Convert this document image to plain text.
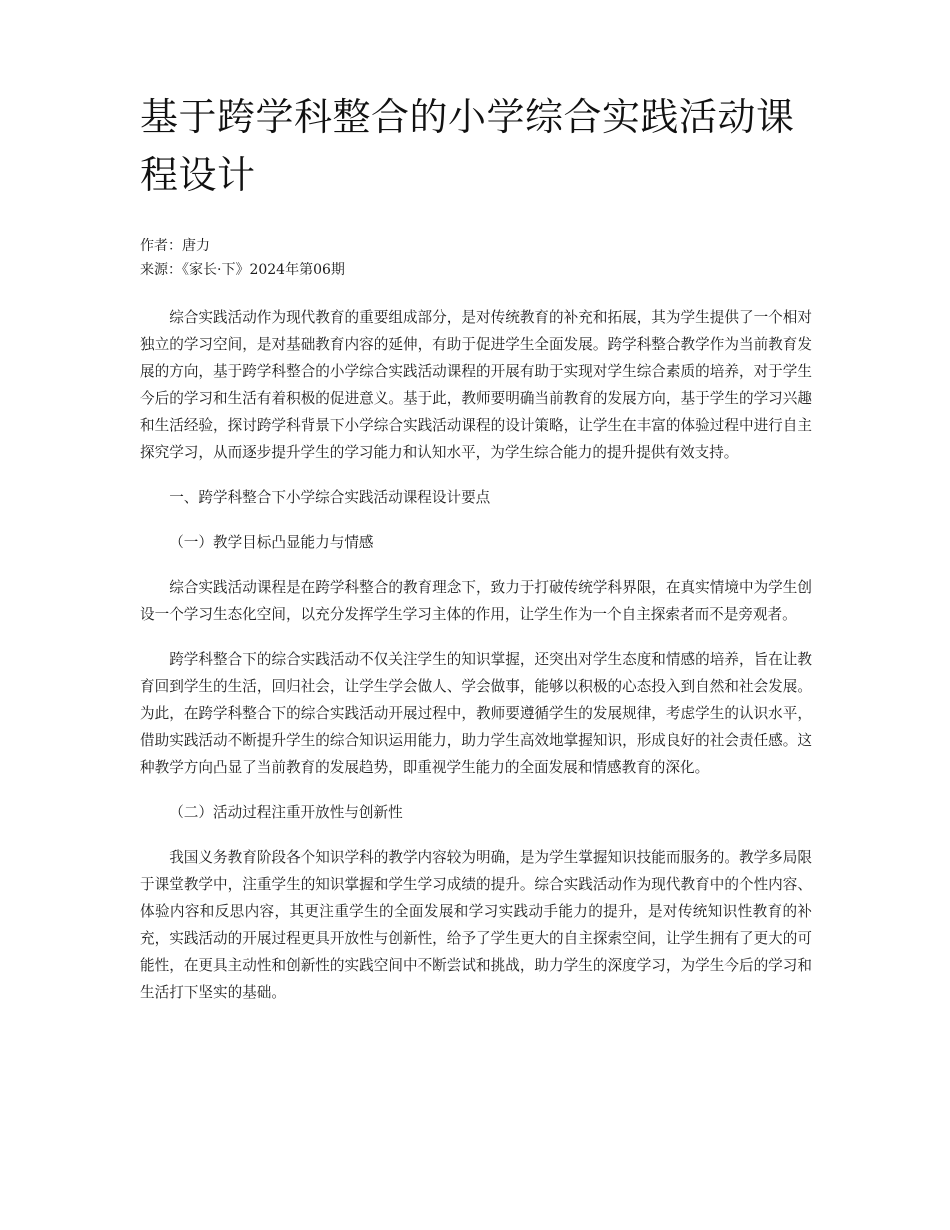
基于跨学科整合的小学综合实践活动课程设计

作者：唐力

来源：《家长·下》2024年第06期

综合实践活动作为现代教育的重要组成部分，是对传统教育的补充和拓展，其为学生提供了一个相对独立的学习空间，是对基础教育内容的延伸，有助于促进学生全面发展。跨学科整合教学作为当前教育发展的方向，基于跨学科整合的小学综合实践活动课程的开展有助于实现对学生综合素质的培养，对于学生今后的学习和生活有着积极的促进意义。基于此，教师要明确当前教育的发展方向，基于学生的学习兴趣和生活经验，探讨跨学科背景下小学综合实践活动课程的设计策略，让学生在丰富的体验过程中进行自主探究学习，从而逐步提升学生的学习能力和认知水平，为学生综合能力的提升提供有效支持。

一、跨学科整合下小学综合实践活动课程设计要点

（一）教学目标凸显能力与情感

综合实践活动课程是在跨学科整合的教育理念下，致力于打破传统学科界限，在真实情境中为学生创设一个学习生态化空间，以充分发挥学生学习主体的作用，让学生作为一个自主探索者而不是旁观者。

跨学科整合下的综合实践活动不仅关注学生的知识掌握，还突出对学生态度和情感的培养，旨在让教育回到学生的生活，回归社会，让学生学会做人、学会做事，能够以积极的心态投入到自然和社会发展。为此，在跨学科整合下的综合实践活动开展过程中，教师要遵循学生的发展规律，考虑学生的认识水平，借助实践活动不断提升学生的综合知识运用能力，助力学生高效地掌握知识，形成良好的社会责任感。这种教学方向凸显了当前教育的发展趋势，即重视学生能力的全面发展和情感教育的深化。

（二）活动过程注重开放性与创新性

我国义务教育阶段各个知识学科的教学内容较为明确，是为学生掌握知识技能而服务的。教学多局限于课堂教学中，注重学生的知识掌握和学生学习成绩的提升。综合实践活动作为现代教育中的个性内容、体验内容和反思内容，其更注重学生的全面发展和学习实践动手能力的提升，是对传统知识性教育的补充，实践活动的开展过程更具开放性与创新性，给予了学生更大的自主探索空间，让学生拥有了更大的可能性，在更具主动性和创新性的实践空间中不断尝试和挑战，助力学生的深度学习，为学生今后的学习和生活打下坚实的基础。
